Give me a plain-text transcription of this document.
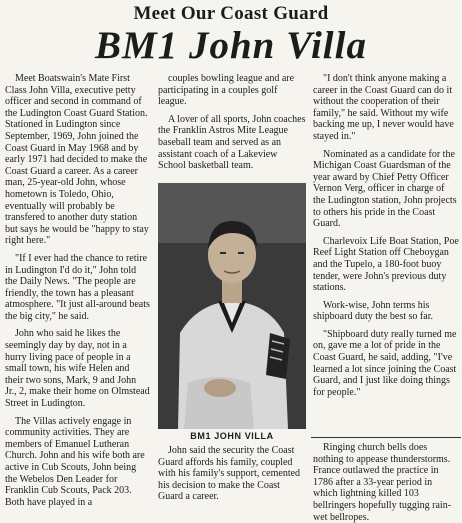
Meet Our Coast Guard
BM1 John Villa

Meet Boatswain's Mate First Class John Villa, executive petty officer and second in command of the Ludington Coast Guard Station. Stationed in Ludington since September, 1969, John joined the Coast Guard in May 1968 and by early 1971 had decided to make the Coast Guard a career. As a career man, 25-year-old John, whose hometown is Toledo, Ohio, eventually will probably be transfered to another duty station but says he would be "happy to stay right here."

"If I ever had the chance to retire in Ludington I'd do it," John told the Daily News. "The people are friendly, the town has a pleasant atmosphere. "It just all-around beats the big city," he said.

John who said he likes the seemingly day by day, not in a hurry living pace of people in a small town, his wife Helen and their two sons, Mark, 9 and John Jr., 2, make their home on Olmstead Street in Ludington.

The Villas actively engage in community activities. They are members of Emanuel Lutheran Church. John and his wife both are active in Cub Scouts, John being the Webelos Den Leader for Franklin Cub Scouts, Pack 203. Both have played in a

couples bowling league and are participating in a couples golf league.

A lover of all sports, John coaches the Franklin Astros Mite League baseball team and served as an assistant coach of a Lakeview School basketball team.

BM1 JOHN VILLA

John said the security the Coast Guard affords his family, coupled with his family's support, cemented his decision to make the Coast Guard a career.

"I don't think anyone making a career in the Coast Guard can do it without the cooperation of their family," he said. Without my wife backing me up, I never would have stayed in."

Nominated as a candidate for the Michigan Coast Guardsman of the year award by Chief Petty Officer Vernon Verg, officer in charge of the Ludington station, John projects to others his pride in the Coast Guard.

Charlevoix Life Boat Station, Poe Reef Light Station off Cheboygan and the Tupelo, a 180-foot buoy tender, were John's previous duty stations.

Work-wise, John terms his shipboard duty the best so far.

"Shipboard duty really turned me on, gave me a lot of pride in the Coast Guard, he said, adding, "I've learned a lot since joining the Coast Guard, and I just like doing things for people."

Ringing church bells does nothing to appease thunderstorms. France outlawed the practice in 1786 after a 33-year period in which lightning killed 103 bellringers hopefully tugging rain-wet bellropes.
